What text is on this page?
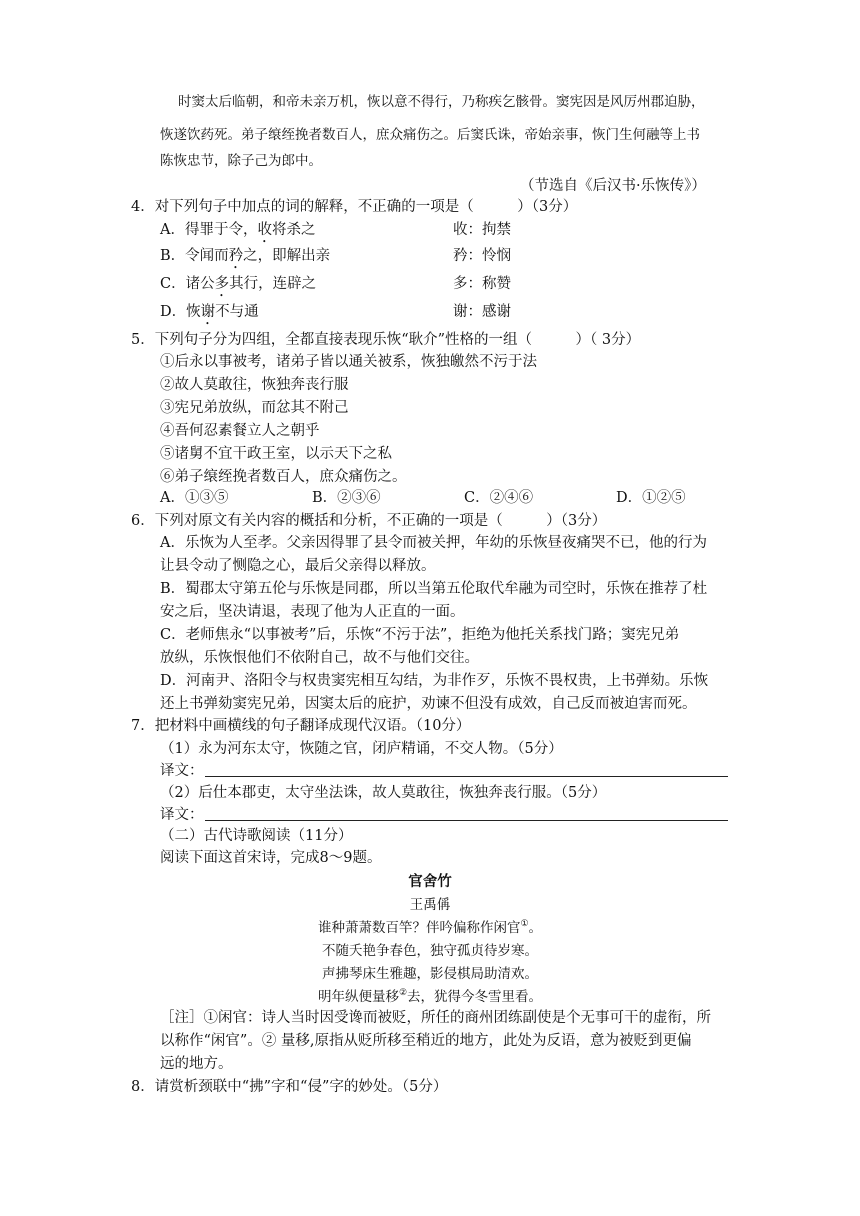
时窦太后临朝，和帝未亲万机，恢以意不得行，乃称疾乞骸骨。窦宪因是风厉州郡迫胁，
恢遂饮药死。弟子缞绖挽者数百人，庶众痛伤之。后窦氏诛，帝始亲事，恢门生何融等上书
陈恢忠节，除子己为郎中。
（节选自《后汉书·乐恢传》）
4．对下列句子中加点的词的解释，不正确的一项是（　　　）（3分）
A．得罪于令，收将杀之	收：拘禁
B．令闻而矜之，即解出亲	矜：怜悯
C．诸公多其行，连辟之	多：称赞
D．恢谢不与通	谢：感谢
5．下列句子分为四组，全都直接表现乐恢“耿介”性格的一组（　　　）（ 3分）
①后永以事被考，诸弟子皆以通关被系，恢独皦然不污于法
②故人莫敢往，恢独奔丧行服
③宪兄弟放纵，而忿其不附己
④吾何忍素餐立人之朝乎
⑤诸舅不宜干政王室，以示天下之私
⑥弟子缞绖挽者数百人，庶众痛伤之。
A．①③⑤	B．②③⑥	C．②④⑥	D．①②⑤
6．下列对原文有关内容的概括和分析，不正确的一项是（　　　）（3分）
A．乐恢为人至孝。父亲因得罪了县令而被关押，年幼的乐恢昼夜痛哭不已，他的行为
让县令动了恻隐之心，最后父亲得以释放。
B．蜀郡太守第五伦与乐恢是同郡，所以当第五伦取代牟融为司空时，乐恢在推荐了杜
安之后，坚决请退，表现了他为人正直的一面。
C．老师焦永“以事被考”后，乐恢“不污于法”，拒绝为他托关系找门路；窦宪兄弟
放纵，乐恢恨他们不依附自己，故不与他们交往。
D．河南尹、洛阳令与权贵窦宪相互勾结，为非作歹，乐恢不畏权贵，上书弹劾。乐恢
还上书弹劾窦宪兄弟，因窦太后的庇护，劝谏不但没有成效，自己反而被迫害而死。
7．把材料中画横线的句子翻译成现代汉语。（10分）
（1）永为河东太守，恢随之官，闭庐精诵，不交人物。（5分）
译文：
（2）后仕本郡吏，太守坐法诛，故人莫敢往，恢独奔丧行服。（5分）
译文：
（二）古代诗歌阅读（11分）
阅读下面这首宋诗，完成8～9题。
官舍竹
王禹偁
谁种萧萧数百竿？伴吟偏称作闲官①。
不随夭艳争春色，独守孤贞待岁寒。
声拂琴床生雅趣，影侵棋局助清欢。
明年纵便量移②去，犹得今冬雪里看。
［注］①闲官：诗人当时因受谗而被贬，所任的商州团练副使是个无事可干的虚衔，所
以称作“闲官”。② 量移,原指从贬所移至稍近的地方，此处为反语，意为被贬到更偏
远的地方。
8．请赏析颈联中“拂”字和“侵”字的妙处。（5分）
